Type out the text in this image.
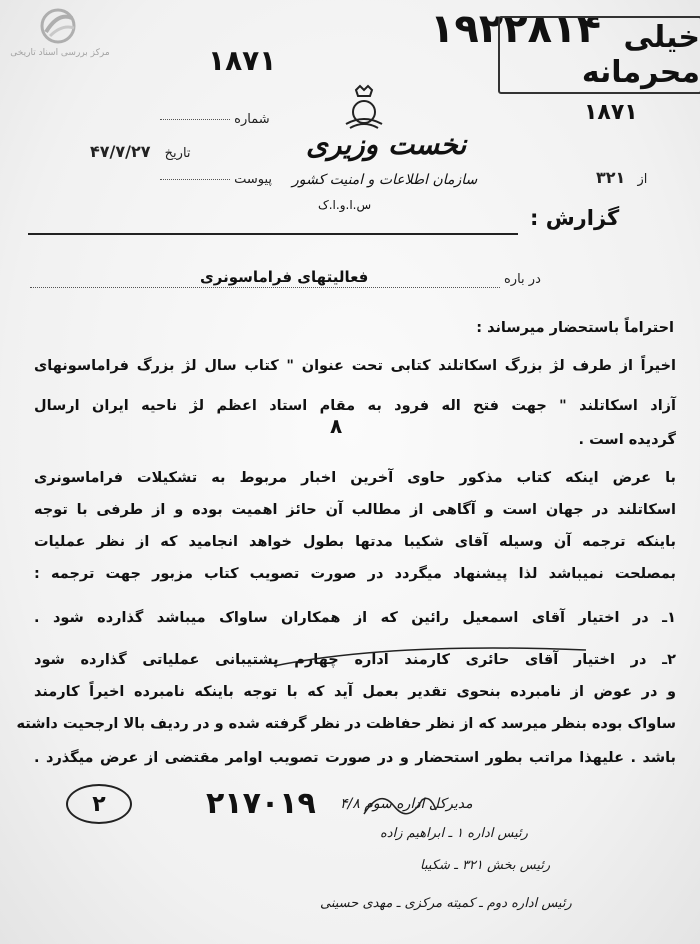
مرکز بررسی اسناد تاریخی	۱۸۷۱
۱۹۲۲۸۱۴ خیلی محرمانه
۱۸۷۱
شماره
تاریخ ۴۷/۷/۲۷
پیوست	از ۳۲۱
نخست وزیری
سازمان اطلاعات و امنیت کشور
س.ا.و.ا.ک
گزارش :
در باره
فعالیتهای فراماسونری
احتراماً باستحضار میرساند :
اخیراً از طرف لژ بزرگ اسکاتلند کتابی تحت عنوان " کتاب سال لژ بزرگ فراماسونهای
آزاد اسکاتلند " جهت فتح اله فرود به مقام استاد اعظم لژ ناحیه ایران ارسال
۸
گردیده است .
با عرض اینکه کتاب مذکور حاوی آخرین اخبار مربوط به تشکیلات فراماسونری
اسکاتلند در جهان است و آگاهی از مطالب آن حائز اهمیت بوده و از طرفی با توجه
باینکه ترجمه آن وسیله آقای شکیبا مدتها بطول خواهد انجامید که از نظر عملیات
بمصلحت نمیباشد لذا پیشنهاد میگردد در صورت تصویب کتاب مزبور جهت ترجمه :
۱ـ در اختیار آقای اسمعیل رائین که از همکاران ساواک میباشد گذارده شود .
۲ـ در اختیار آقای حائری کارمند اداره چهارم پشتیبانی عملیاتی گذارده شود
و در عوض از نامبرده بنحوی تقدیر بعمل آید که با توجه باینکه نامبرده اخیراً کارمند
ساواک بوده بنظر میرسد که از نظر حفاظت در نظر گرفته شده و در ردیف بالا ارجحیت داشته
باشد . علیهذا مراتب بطور استحضار و در صورت تصویب اوامر مقتضی از عرض میگذرد .
۲	۲۱۷۰۱۹ مدیرکل اداره سوم ۴/۸
رئیس اداره ۱ ـ ابراهیم زاده
رئیس بخش ۳۲۱ ـ شکیبا
رئیس اداره دوم ـ کمیته مرکزی ـ مهدی حسینی
